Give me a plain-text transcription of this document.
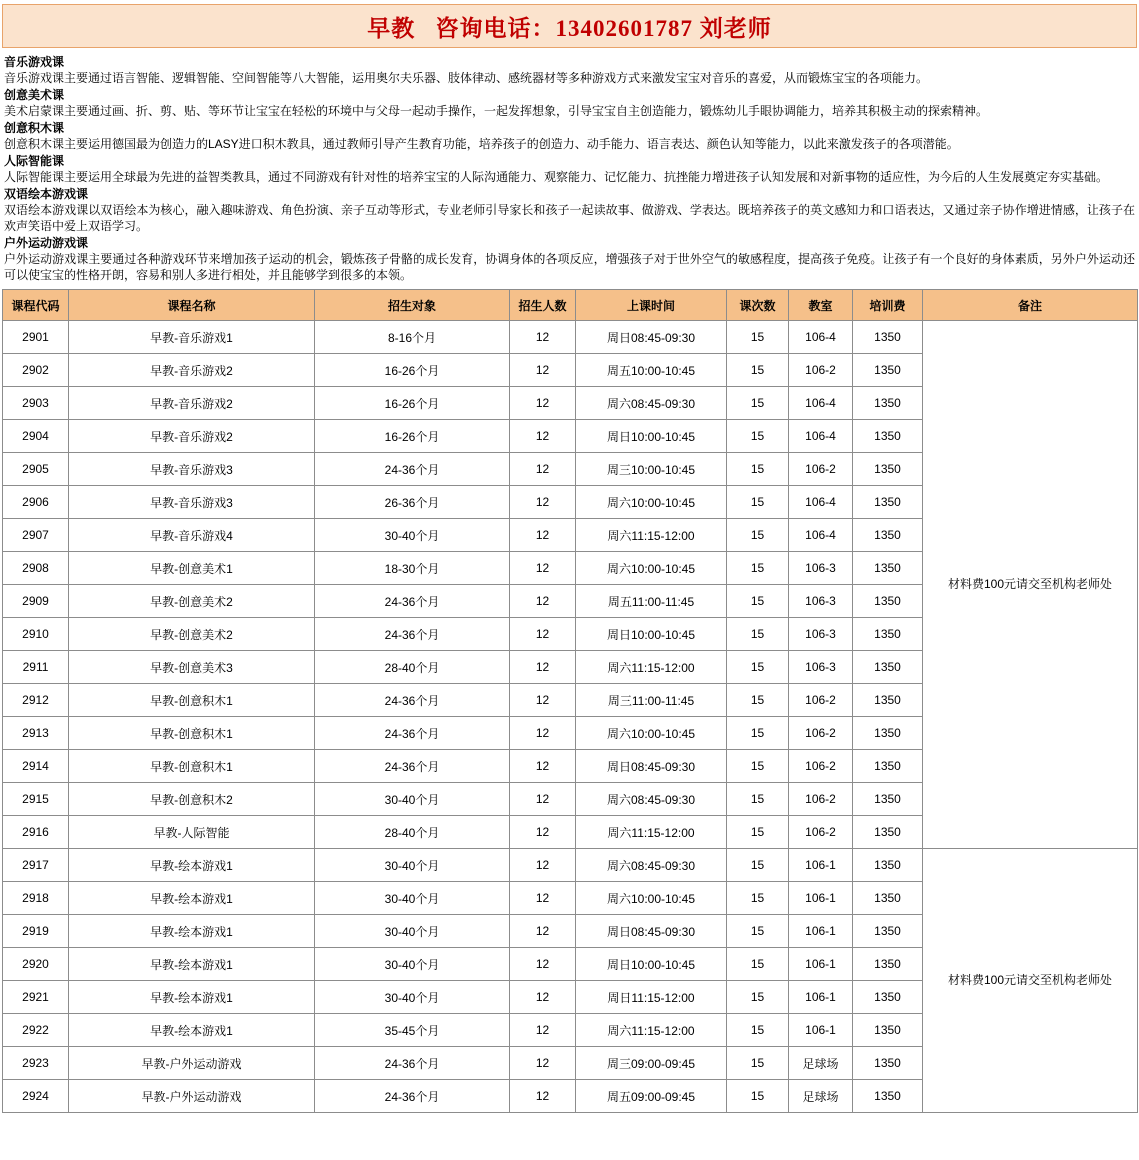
早教   咨询电话：13402601787 刘老师
音乐游戏课
音乐游戏课主要通过语言智能、逻辑智能、空间智能等八大智能，运用奥尔夫乐器、肢体律动、感统器材等多种游戏方式来激发宝宝对音乐的喜爱，从而锻炼宝宝的各项能力。
创意美术课
美术启蒙课主要通过画、折、剪、贴、等环节让宝宝在轻松的环境中与父母一起动手操作，一起发挥想象，引导宝宝自主创造能力，锻炼幼儿手眼协调能力，培养其积极主动的探索精神。
创意积木课
创意积木课主要运用德国最为创造力的LASY进口积木教具，通过教师引导产生教育功能，培养孩子的创造力、动手能力、语言表达、颜色认知等能力，以此来激发孩子的各项潜能。
人际智能课
人际智能课主要运用全球最为先进的益智类教具，通过不同游戏有针对性的培养宝宝的人际沟通能力、观察能力、记忆能力、抗挫能力增进孩子认知发展和对新事物的适应性，为今后的人生发展奠定夯实基础。
双语绘本游戏课
双语绘本游戏课以双语绘本为核心，融入趣味游戏、角色扮演、亲子互动等形式，专业老师引导家长和孩子一起读故事、做游戏、学表达。既培养孩子的英文感知力和口语表达，又通过亲子协作增进情感，让孩子在欢声笑语中爱上双语学习。
户外运动游戏课
户外运动游戏课主要通过各种游戏环节来增加孩子运动的机会，锻炼孩子骨骼的成长发育，协调身体的各项反应，增强孩子对于世外空气的敏感程度，提高孩子免疫。让孩子有一个良好的身体素质，另外户外运动还可以使宝宝的性格开朗，容易和别人多进行相处，并且能够学到很多的本领。
课程代码	课程名称	招生对象	招生人数	上课时间	课次数	教室	培训费	备注
2901	早教-音乐游戏1	8-16个月	12	周日08:45-09:30	15	106-4	1350	材料费100元请交至机构老师处
2902	早教-音乐游戏2	16-26个月	12	周五10:00-10:45	15	106-2	1350	
2903	早教-音乐游戏2	16-26个月	12	周六08:45-09:30	15	106-4	1350	
2904	早教-音乐游戏2	16-26个月	12	周日10:00-10:45	15	106-4	1350	
2905	早教-音乐游戏3	24-36个月	12	周三10:00-10:45	15	106-2	1350	
2906	早教-音乐游戏3	26-36个月	12	周六10:00-10:45	15	106-4	1350	
2907	早教-音乐游戏4	30-40个月	12	周六11:15-12:00	15	106-4	1350	
2908	早教-创意美术1	18-30个月	12	周六10:00-10:45	15	106-3	1350	
2909	早教-创意美术2	24-36个月	12	周五11:00-11:45	15	106-3	1350	
2910	早教-创意美术2	24-36个月	12	周日10:00-10:45	15	106-3	1350	
2911	早教-创意美术3	28-40个月	12	周六11:15-12:00	15	106-3	1350	
2912	早教-创意积木1	24-36个月	12	周三11:00-11:45	15	106-2	1350	
2913	早教-创意积木1	24-36个月	12	周六10:00-10:45	15	106-2	1350	
2914	早教-创意积木1	24-36个月	12	周日08:45-09:30	15	106-2	1350	
2915	早教-创意积木2	30-40个月	12	周六08:45-09:30	15	106-2	1350	
2916	早教-人际智能	28-40个月	12	周六11:15-12:00	15	106-2	1350	
2917	早教-绘本游戏1	30-40个月	12	周六08:45-09:30	15	106-1	1350	材料费100元请交至机构老师处
2918	早教-绘本游戏1	30-40个月	12	周六10:00-10:45	15	106-1	1350	
2919	早教-绘本游戏1	30-40个月	12	周日08:45-09:30	15	106-1	1350	
2920	早教-绘本游戏1	30-40个月	12	周日10:00-10:45	15	106-1	1350	
2921	早教-绘本游戏1	30-40个月	12	周日11:15-12:00	15	106-1	1350	
2922	早教-绘本游戏1	35-45个月	12	周六11:15-12:00	15	106-1	1350	
2923	早教-户外运动游戏	24-36个月	12	周三09:00-09:45	15	足球场	1350	
2924	早教-户外运动游戏	24-36个月	12	周五09:00-09:45	15	足球场	1350	
